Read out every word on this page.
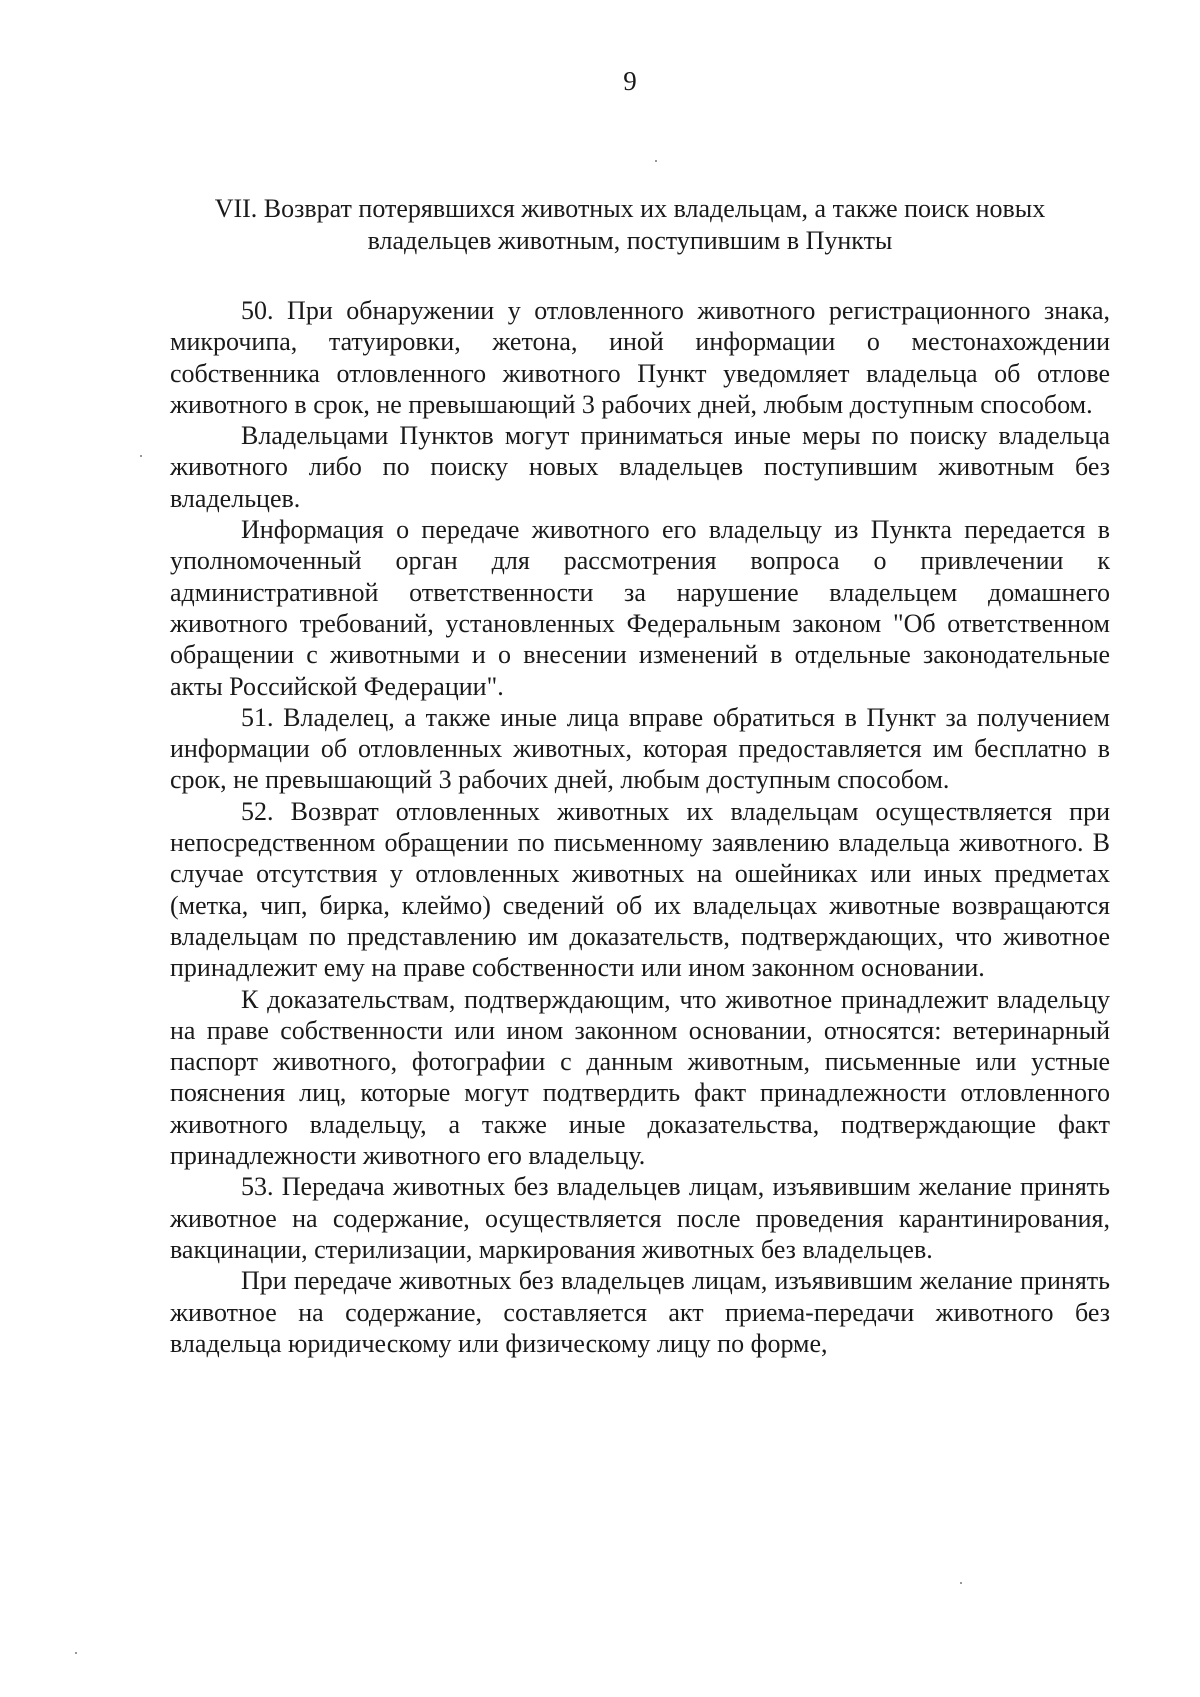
9
VII. Возврат потерявшихся животных их владельцам, а также поиск новых
владельцев животным, поступившим в Пункты

50. При обнаружении у отловленного животного регистрационного знака, микрочипа, татуировки, жетона, иной информации о местонахождении собственника отловленного животного Пункт уведомляет владельца об отлове животного в срок, не превышающий 3 рабочих дней, любым доступным способом.

Владельцами Пунктов могут приниматься иные меры по поиску владельца животного либо по поиску новых владельцев поступившим животным без владельцев.

Информация о передаче животного его владельцу из Пункта передается в уполномоченный орган для рассмотрения вопроса о привлечении к административной ответственности за нарушение владельцем домашнего животного требований, установленных Федеральным законом "Об ответственном обращении с животными и о внесении изменений в отдельные законодательные акты Российской Федерации".

51. Владелец, а также иные лица вправе обратиться в Пункт за получением информации об отловленных животных, которая предоставляется им бесплатно в срок, не превышающий 3 рабочих дней, любым доступным способом.

52. Возврат отловленных животных их владельцам осуществляется при непосредственном обращении по письменному заявлению владельца животного. В случае отсутствия у отловленных животных на ошейниках или иных предметах (метка, чип, бирка, клеймо) сведений об их владельцах животные возвращаются владельцам по представлению им доказательств, подтверждающих, что животное принадлежит ему на праве собственности или ином законном основании.

К доказательствам, подтверждающим, что животное принадлежит владельцу на праве собственности или ином законном основании, относятся: ветеринарный паспорт животного, фотографии с данным животным, письменные или устные пояснения лиц, которые могут подтвердить факт принадлежности отловленного животного владельцу, а также иные доказательства, подтверждающие факт принадлежности животного его владельцу.

53. Передача животных без владельцев лицам, изъявившим желание принять животное на содержание, осуществляется после проведения карантинирования, вакцинации, стерилизации, маркирования животных без владельцев.

При передаче животных без владельцев лицам, изъявившим желание принять животное на содержание, составляется акт приема-передачи животного без владельца юридическому или физическому лицу по форме,
